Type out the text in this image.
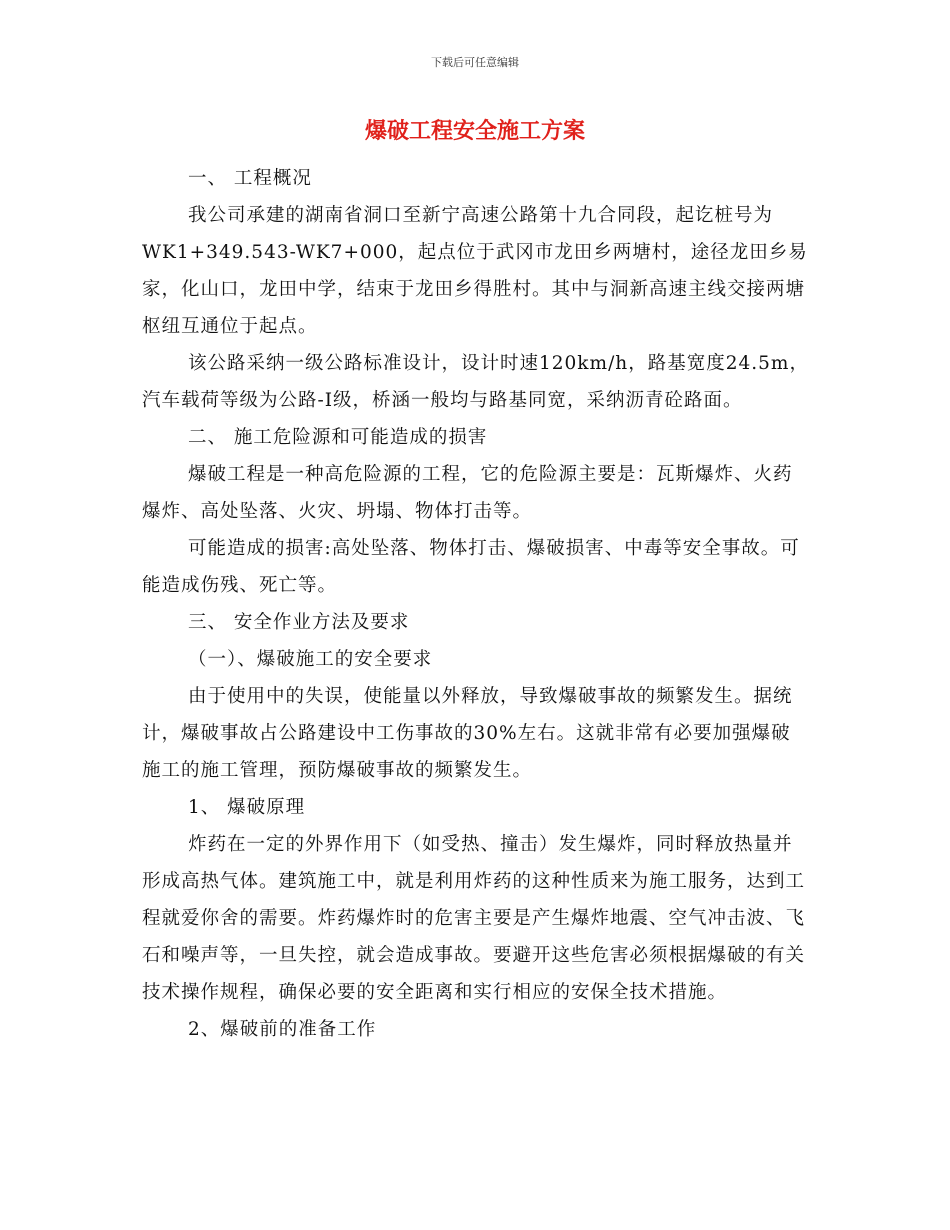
下载后可任意编辑
爆破工程安全施工方案

一、 工程概况

我公司承建的湖南省洞口至新宁高速公路第十九合同段，起讫桩号为WK1+349.543-WK7+000，起点位于武冈市龙田乡两塘村，途径龙田乡易家，化山口，龙田中学，结束于龙田乡得胜村。其中与洞新高速主线交接两塘枢纽互通位于起点。

该公路采纳一级公路标准设计，设计时速120km/h，路基宽度24.5m，汽车载荷等级为公路-I级，桥涵一般均与路基同宽，采纳沥青砼路面。

二、 施工危险源和可能造成的损害

爆破工程是一种高危险源的工程，它的危险源主要是：瓦斯爆炸、火药爆炸、高处坠落、火灾、坍塌、物体打击等。

可能造成的损害:高处坠落、物体打击、爆破损害、中毒等安全事故。可能造成伤残、死亡等。

三、 安全作业方法及要求

（一）、爆破施工的安全要求

由于使用中的失误，使能量以外释放，导致爆破事故的频繁发生。据统计，爆破事故占公路建设中工伤事故的30%左右。这就非常有必要加强爆破施工的施工管理，预防爆破事故的频繁发生。

1、 爆破原理

炸药在一定的外界作用下（如受热、撞击）发生爆炸，同时释放热量并形成高热气体。建筑施工中，就是利用炸药的这种性质来为施工服务，达到工程就爱你舍的需要。炸药爆炸时的危害主要是产生爆炸地震、空气冲击波、飞石和噪声等，一旦失控，就会造成事故。要避开这些危害必须根据爆破的有关技术操作规程，确保必要的安全距离和实行相应的安保全技术措施。

2、爆破前的准备工作
